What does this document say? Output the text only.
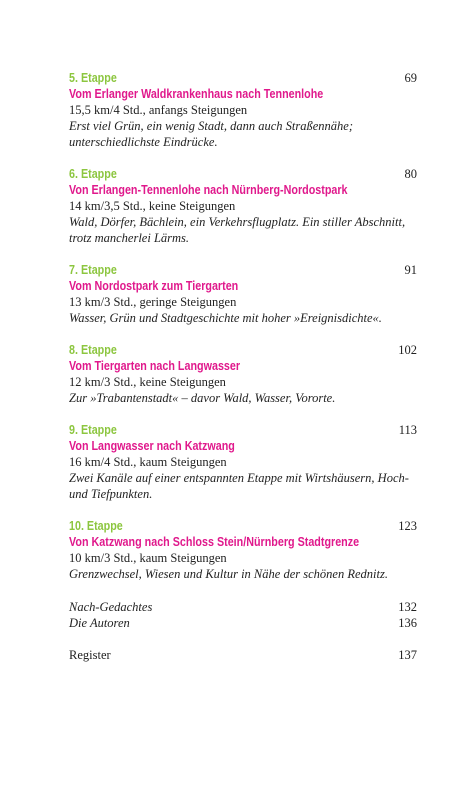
5. Etappe	69
Vom Erlanger Waldkrankenhaus nach Tennenlohe
15,5 km/4 Std., anfangs Steigungen
Erst viel Grün, ein wenig Stadt, dann auch Straßennähe; unterschiedlichste Eindrücke.
6. Etappe	80
Von Erlangen-Tennenlohe nach Nürnberg-Nordostpark
14 km/3,5 Std., keine Steigungen
Wald, Dörfer, Bächlein, ein Verkehrsflugplatz. Ein stiller Abschnitt, trotz mancherlei Lärms.
7. Etappe	91
Vom Nordostpark zum Tiergarten
13 km/3 Std., geringe Steigungen
Wasser, Grün und Stadtgeschichte mit hoher »Ereignisdichte«.
8. Etappe	102
Vom Tiergarten nach Langwasser
12 km/3 Std., keine Steigungen
Zur »Trabantenstadt« – davor Wald, Wasser, Vororte.
9. Etappe	113
Von Langwasser nach Katzwang
16 km/4 Std., kaum Steigungen
Zwei Kanäle auf einer entspannten Etappe mit Wirtshäusern, Hoch- und Tiefpunkten.
10. Etappe	123
Von Katzwang nach Schloss Stein/Nürnberg Stadtgrenze
10 km/3 Std., kaum Steigungen
Grenzwechsel, Wiesen und Kultur in Nähe der schönen Rednitz.
Nach-Gedachtes	132
Die Autoren	136
Register	137
